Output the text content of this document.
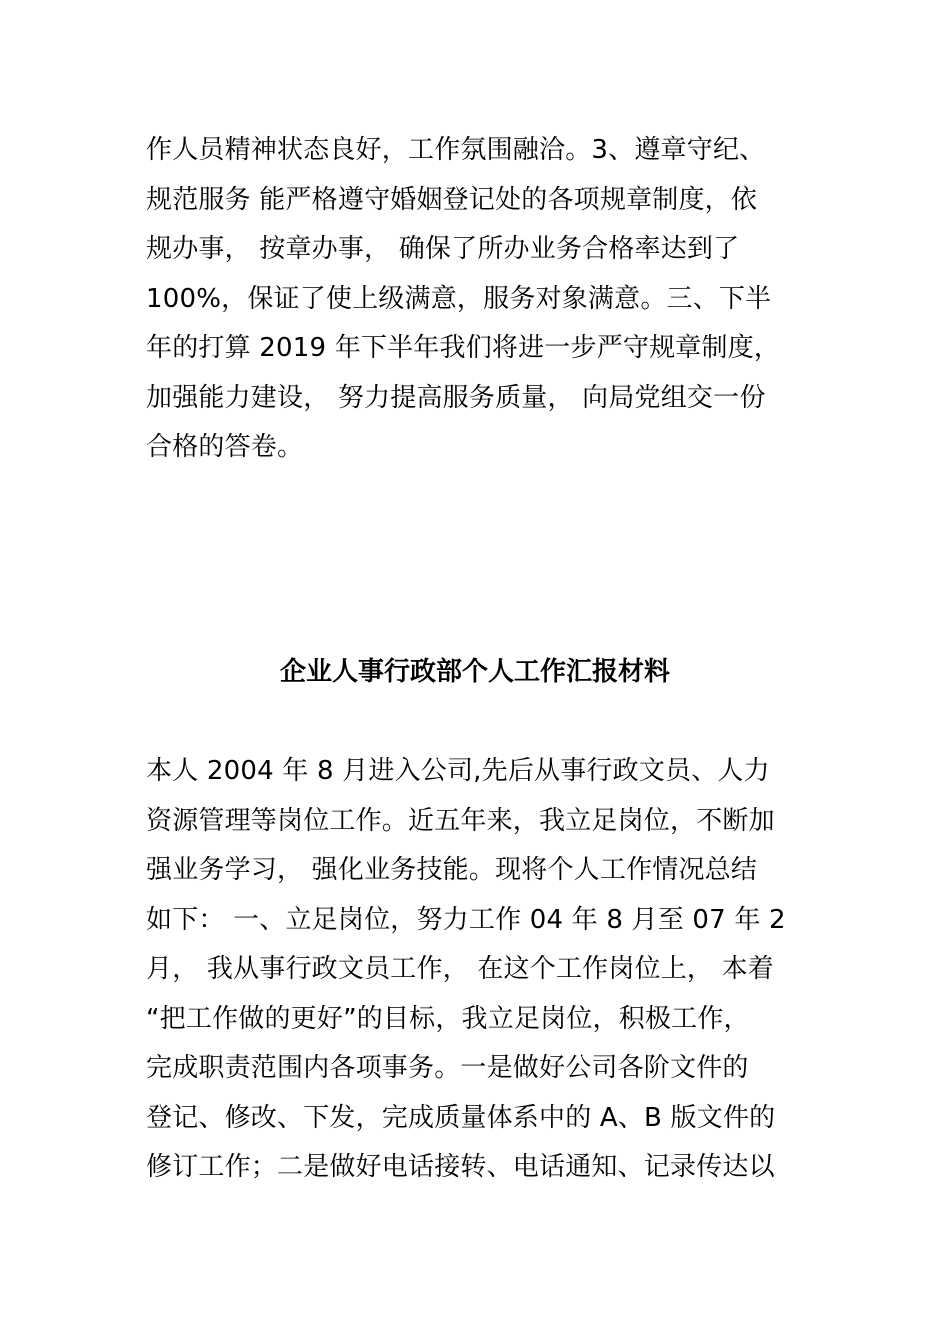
作人员精神状态良好，工作氛围融洽。3、遵章守纪、
规范服务 能严格遵守婚姻登记处的各项规章制度，依
规办事， 按章办事， 确保了所办业务合格率达到了
100%，保证了使上级满意，服务对象满意。三、下半
年的打算 2019 年下半年我们将进一步严守规章制度，
加强能力建设， 努力提高服务质量， 向局党组交一份
合格的答卷。
企业人事行政部个人工作汇报材料
本人 2004 年 8 月进入公司,先后从事行政文员、人力
资源管理等岗位工作。近五年来，我立足岗位，不断加
强业务学习， 强化业务技能。现将个人工作情况总结
如下： 一、立足岗位，努力工作 04 年 8 月至 07 年 2
月， 我从事行政文员工作， 在这个工作岗位上， 本着
“把工作做的更好”的目标，我立足岗位，积极工作，
完成职责范围内各项事务。一是做好公司各阶文件的
登记、修改、下发，完成质量体系中的 A、B 版文件的
修订工作；二是做好电话接转、电话通知、记录传达以
